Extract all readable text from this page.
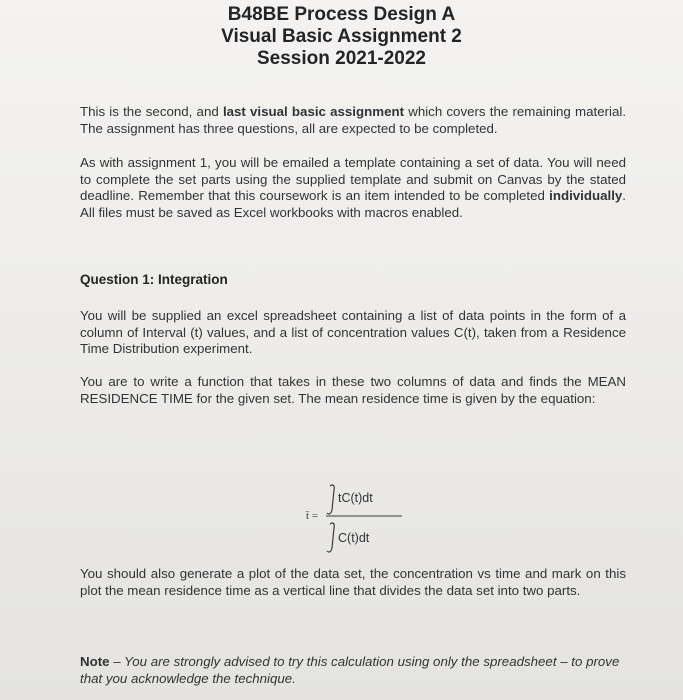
B48BE Process Design A
Visual Basic Assignment 2
Session 2021-2022
This is the second, and last visual basic assignment which covers the remaining material. The assignment has three questions, all are expected to be completed.
As with assignment 1, you will be emailed a template containing a set of data. You will need to complete the set parts using the supplied template and submit on Canvas by the stated deadline. Remember that this coursework is an item intended to be completed individually. All files must be saved as Excel workbooks with macros enabled.
Question 1: Integration
You will be supplied an excel spreadsheet containing a list of data points in the form of a column of Interval (t) values, and a list of concentration values C(t), taken from a Residence Time Distribution experiment.
You are to write a function that takes in these two columns of data and finds the MEAN RESIDENCE TIME for the given set. The mean residence time is given by the equation:
t̄ =
tC(t)dt
C(t)dt
You should also generate a plot of the data set, the concentration vs time and mark on this plot the mean residence time as a vertical line that divides the data set into two parts.
Note – You are strongly advised to try this calculation using only the spreadsheet – to prove that you acknowledge the technique.
